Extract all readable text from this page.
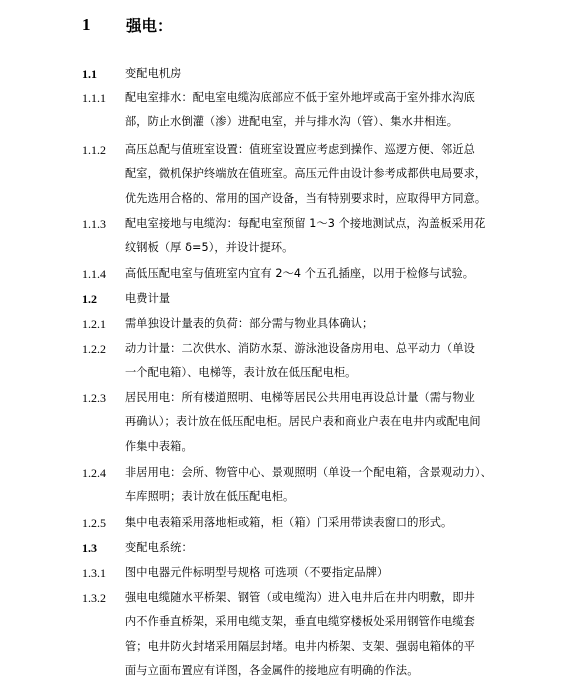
1	强电：
1.1	变配电机房
1.1.1	配电室排水：配电室电缆沟底部应不低于室外地坪或高于室外排水沟底
部，防止水倒灌（渗）进配电室，并与排水沟（管）、集水井相连。
1.1.2	高压总配与值班室设置：值班室设置应考虑到操作、巡逻方便、邻近总
配室，微机保护终端放在值班室。高压元件由设计参考成都供电局要求，
优先选用合格的、常用的国产设备，当有特别要求时，应取得甲方同意。
1.1.3	配电室接地与电缆沟：每配电室预留 1～3 个接地测试点，沟盖板采用花
纹钢板（厚 δ=5），并设计提环。
1.1.4	高低压配电室与值班室内宜有 2～4 个五孔插座，以用于检修与试验。
1.2	电费计量
1.2.1	需单独设计量表的负荷：部分需与物业具体确认；
1.2.2	动力计量：二次供水、消防水泵、游泳池设备房用电、总平动力（单设
一个配电箱）、电梯等，表计放在低压配电柜。
1.2.3	居民用电：所有楼道照明、电梯等居民公共用电再设总计量（需与物业
再确认）；表计放在低压配电柜。居民户表和商业户表在电井内或配电间
作集中表箱。
1.2.4	非居用电：会所、物管中心、景观照明（单设一个配电箱，含景观动力）、
车库照明；表计放在低压配电柜。
1.2.5	集中电表箱采用落地柜或箱，柜（箱）门采用带读表窗口的形式。
1.3	变配电系统：
1.3.1	图中电器元件标明型号规格 可选项（不要指定品牌）
1.3.2	强电电缆随水平桥架、钢管（或电缆沟）进入电井后在井内明敷，即井
内不作垂直桥架，采用电缆支架，垂直电缆穿楼板处采用钢管作电缆套
管；电井防火封堵采用隔层封堵。电井内桥架、支架、强弱电箱体的平
面与立面布置应有详图，各金属件的接地应有明确的作法。
